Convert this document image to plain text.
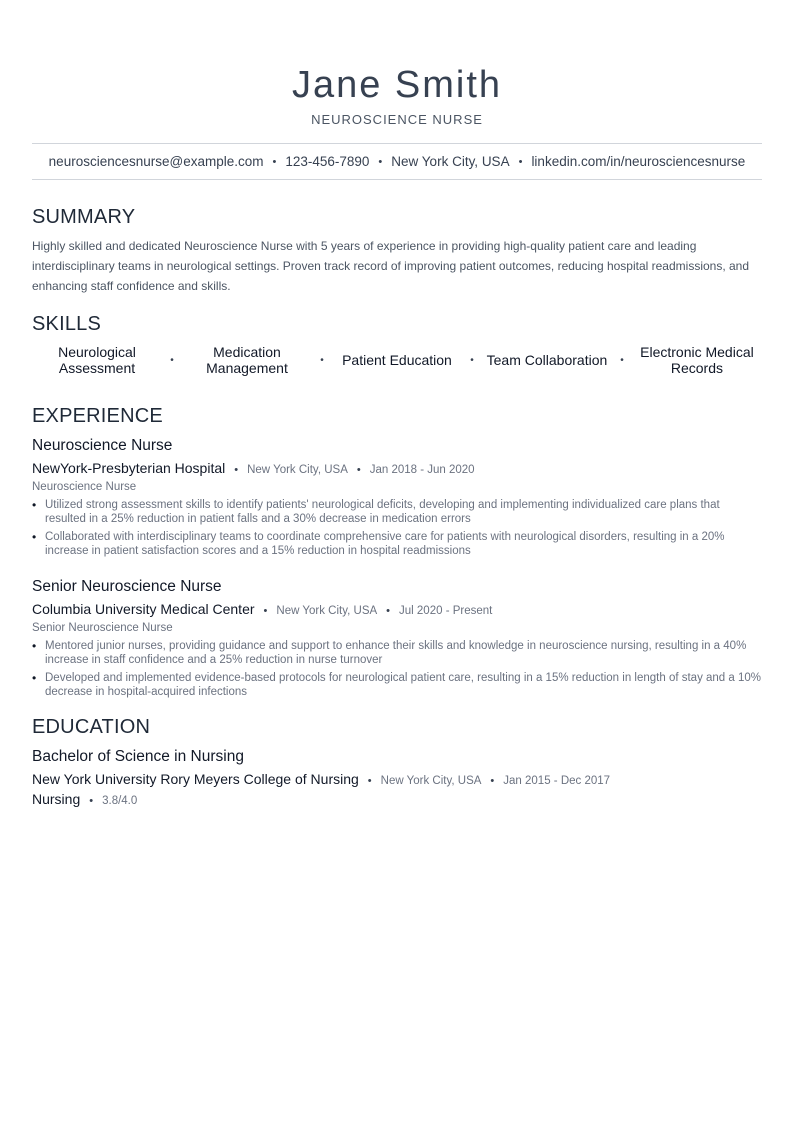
Jane Smith
NEUROSCIENCE NURSE
neurosciencesnurse@example.com • 123-456-7890 • New York City, USA • linkedin.com/in/neurosciencesnurse
SUMMARY

Highly skilled and dedicated Neuroscience Nurse with 5 years of experience in providing high-quality patient care and leading interdisciplinary teams in neurological settings. Proven track record of improving patient outcomes, reducing hospital readmissions, and enhancing staff confidence and skills.

SKILLS
Neurological Assessment	•	Medication Management	•	Patient Education	• Team Collaboration	•	Electronic Medical Records
EXPERIENCE
Neuroscience Nurse
NewYork-Presbyterian Hospital • New York City, USA • Jan 2018 - Jun 2020
Neuroscience Nurse
• Utilized strong assessment skills to identify patients' neurological deficits, developing and implementing individualized care plans that resulted in a 25% reduction in patient falls and a 30% decrease in medication errors
• Collaborated with interdisciplinary teams to coordinate comprehensive care for patients with neurological disorders, resulting in a 20% increase in patient satisfaction scores and a 15% reduction in hospital readmissions
Senior Neuroscience Nurse
Columbia University Medical Center • New York City, USA • Jul 2020 - Present
Senior Neuroscience Nurse
• Mentored junior nurses, providing guidance and support to enhance their skills and knowledge in neuroscience nursing, resulting in a 40% increase in staff confidence and a 25% reduction in nurse turnover
• Developed and implemented evidence-based protocols for neurological patient care, resulting in a 15% reduction in length of stay and a 10% decrease in hospital-acquired infections
EDUCATION
Bachelor of Science in Nursing
New York University Rory Meyers College of Nursing • New York City, USA • Jan 2015 - Dec 2017
Nursing • 3.8/4.0
